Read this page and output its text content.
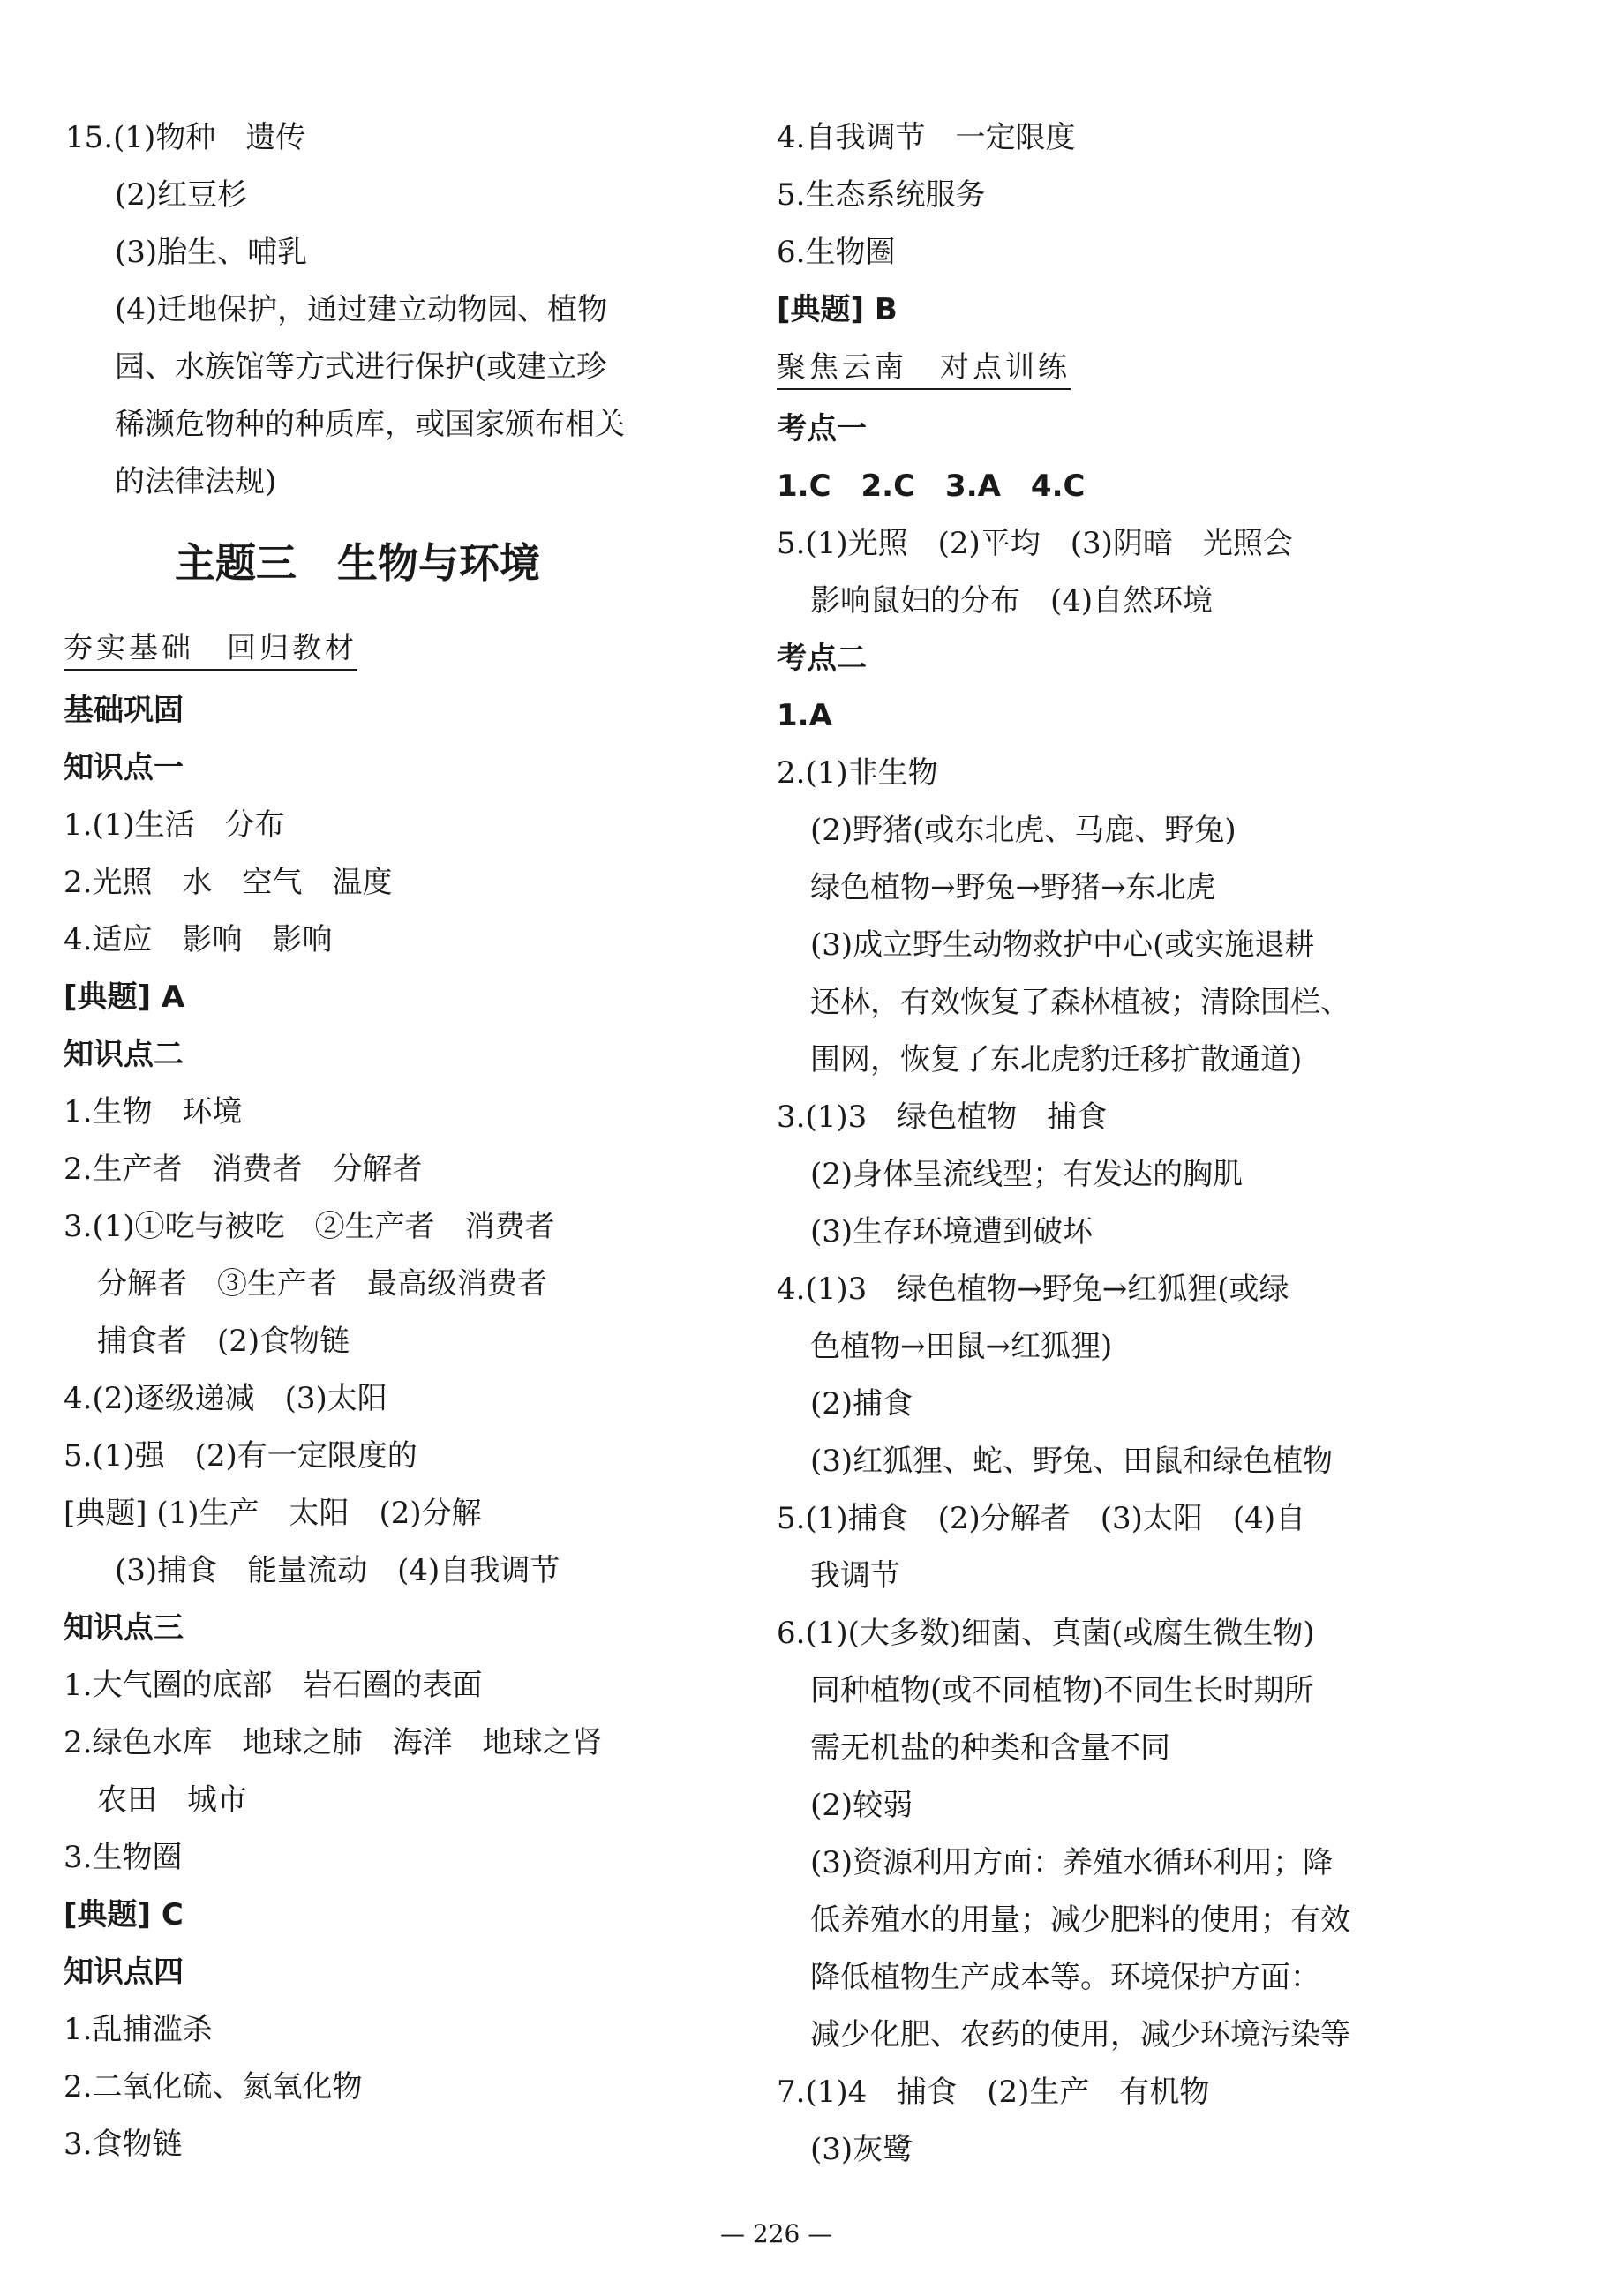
15.(1)物种　遗传
(2)红豆杉
(3)胎生、哺乳
(4)迁地保护，通过建立动物园、植物
园、水族馆等方式进行保护(或建立珍
稀濒危物种的种质库，或国家颁布相关
的法律法规)
主题三　生物与环境
夯实基础　回归教材
基础巩固
知识点一
1.(1)生活　分布
2.光照　水　空气　温度
4.适应　影响　影响
[典题] A
知识点二
1.生物　环境
2.生产者　消费者　分解者
3.(1)①吃与被吃　②生产者　消费者
分解者　③生产者　最高级消费者
捕食者　(2)食物链
4.(2)逐级递减　(3)太阳
5.(1)强　(2)有一定限度的
[典题] (1)生产　太阳　(2)分解
(3)捕食　能量流动　(4)自我调节
知识点三
1.大气圈的底部　岩石圈的表面
2.绿色水库　地球之肺　海洋　地球之肾
农田　城市
3.生物圈
[典题] C
知识点四
1.乱捕滥杀
2.二氧化硫、氮氧化物
3.食物链
4.自我调节　一定限度
5.生态系统服务
6.生物圈
[典题] B
聚焦云南　对点训练
考点一
1.C　2.C　3.A　4.C
5.(1)光照　(2)平均　(3)阴暗　光照会
影响鼠妇的分布　(4)自然环境
考点二
1.A
2.(1)非生物
(2)野猪(或东北虎、马鹿、野兔)
绿色植物→野兔→野猪→东北虎
(3)成立野生动物救护中心(或实施退耕
还林，有效恢复了森林植被；清除围栏、
围网，恢复了东北虎豹迁移扩散通道)
3.(1)3　绿色植物　捕食
(2)身体呈流线型；有发达的胸肌
(3)生存环境遭到破坏
4.(1)3　绿色植物→野兔→红狐狸(或绿
色植物→田鼠→红狐狸)
(2)捕食
(3)红狐狸、蛇、野兔、田鼠和绿色植物
5.(1)捕食　(2)分解者　(3)太阳　(4)自
我调节
6.(1)(大多数)细菌、真菌(或腐生微生物)
同种植物(或不同植物)不同生长时期所
需无机盐的种类和含量不同
(2)较弱
(3)资源利用方面：养殖水循环利用；降
低养殖水的用量；减少肥料的使用；有效
降低植物生产成本等。环境保护方面：
减少化肥、农药的使用，减少环境污染等
7.(1)4　捕食　(2)生产　有机物
(3)灰鹭
— 226 —
